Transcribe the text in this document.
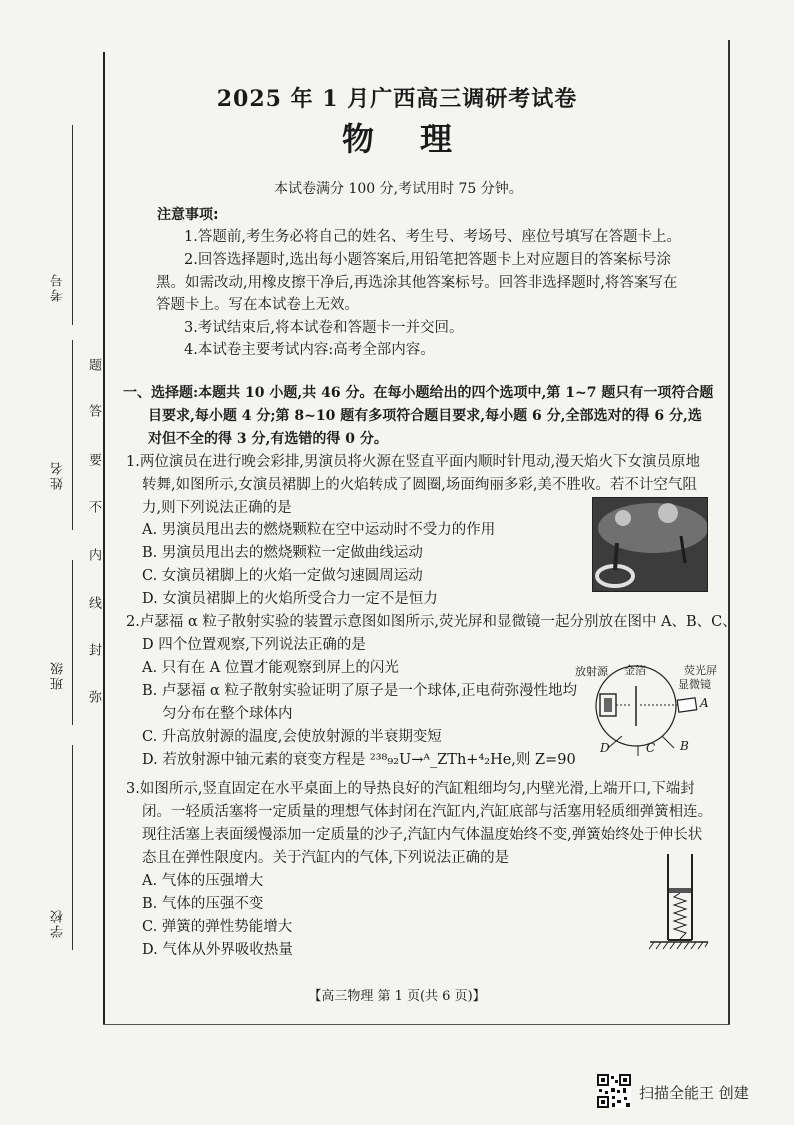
考号
姓名
班级
学校
题
答
要
不
内
线
封
弥
2025 年 1 月广西高三调研考试卷
物理
本试卷满分 100 分,考试用时 75 分钟。
注意事项:
1.答题前,考生务必将自己的姓名、考生号、考场号、座位号填写在答题卡上。
2.回答选择题时,选出每小题答案后,用铅笔把答题卡上对应题目的答案标号涂
黑。如需改动,用橡皮擦干净后,再选涂其他答案标号。回答非选择题时,将答案写在
答题卡上。写在本试卷上无效。
3.考试结束后,将本试卷和答题卡一并交回。
4.本试卷主要考试内容:高考全部内容。
一、选择题:本题共 10 小题,共 46 分。在每小题给出的四个选项中,第 1~7 题只有一项符合题
目要求,每小题 4 分;第 8~10 题有多项符合题目要求,每小题 6 分,全部选对的得 6 分,选
对但不全的得 3 分,有选错的得 0 分。
1.两位演员在进行晚会彩排,男演员将火源在竖直平面内顺时针甩动,漫天焰火下女演员原地
转舞,如图所示,女演员裙脚上的火焰转成了圆圈,场面绚丽多彩,美不胜收。若不计空气阻
力,则下列说法正确的是
A. 男演员甩出去的燃烧颗粒在空中运动时不受力的作用
B. 男演员甩出去的燃烧颗粒一定做曲线运动
C. 女演员裙脚上的火焰一定做匀速圆周运动
D. 女演员裙脚上的火焰所受合力一定不是恒力
2.卢瑟福 α 粒子散射实验的装置示意图如图所示,荧光屏和显微镜一起分别放在图中 A、B、C、
D 四个位置观察,下列说法正确的是
A. 只有在 A 位置才能观察到屏上的闪光
B. 卢瑟福 α 粒子散射实验证明了原子是一个球体,正电荷弥漫性地均
匀分布在整个球体内
C. 升高放射源的温度,会使放射源的半衰期变短
D. 若放射源中铀元素的衰变方程是 ²³⁸₉₂U→ᴬ_ZTh+⁴₂He,则 Z=90
放射源 金箔	荧光屏
显微镜
A
B
C
D
3.如图所示,竖直固定在水平桌面上的导热良好的汽缸粗细均匀,内壁光滑,上端开口,下端封
闭。一轻质活塞将一定质量的理想气体封闭在汽缸内,汽缸底部与活塞用轻质细弹簧相连。
现往活塞上表面缓慢添加一定质量的沙子,汽缸内气体温度始终不变,弹簧始终处于伸长状
态且在弹性限度内。关于汽缸内的气体,下列说法正确的是
A. 气体的压强增大
B. 气体的压强不变
C. 弹簧的弹性势能增大
D. 气体从外界吸收热量
【高三物理 第 1 页(共 6 页)】
扫描全能王 创建
